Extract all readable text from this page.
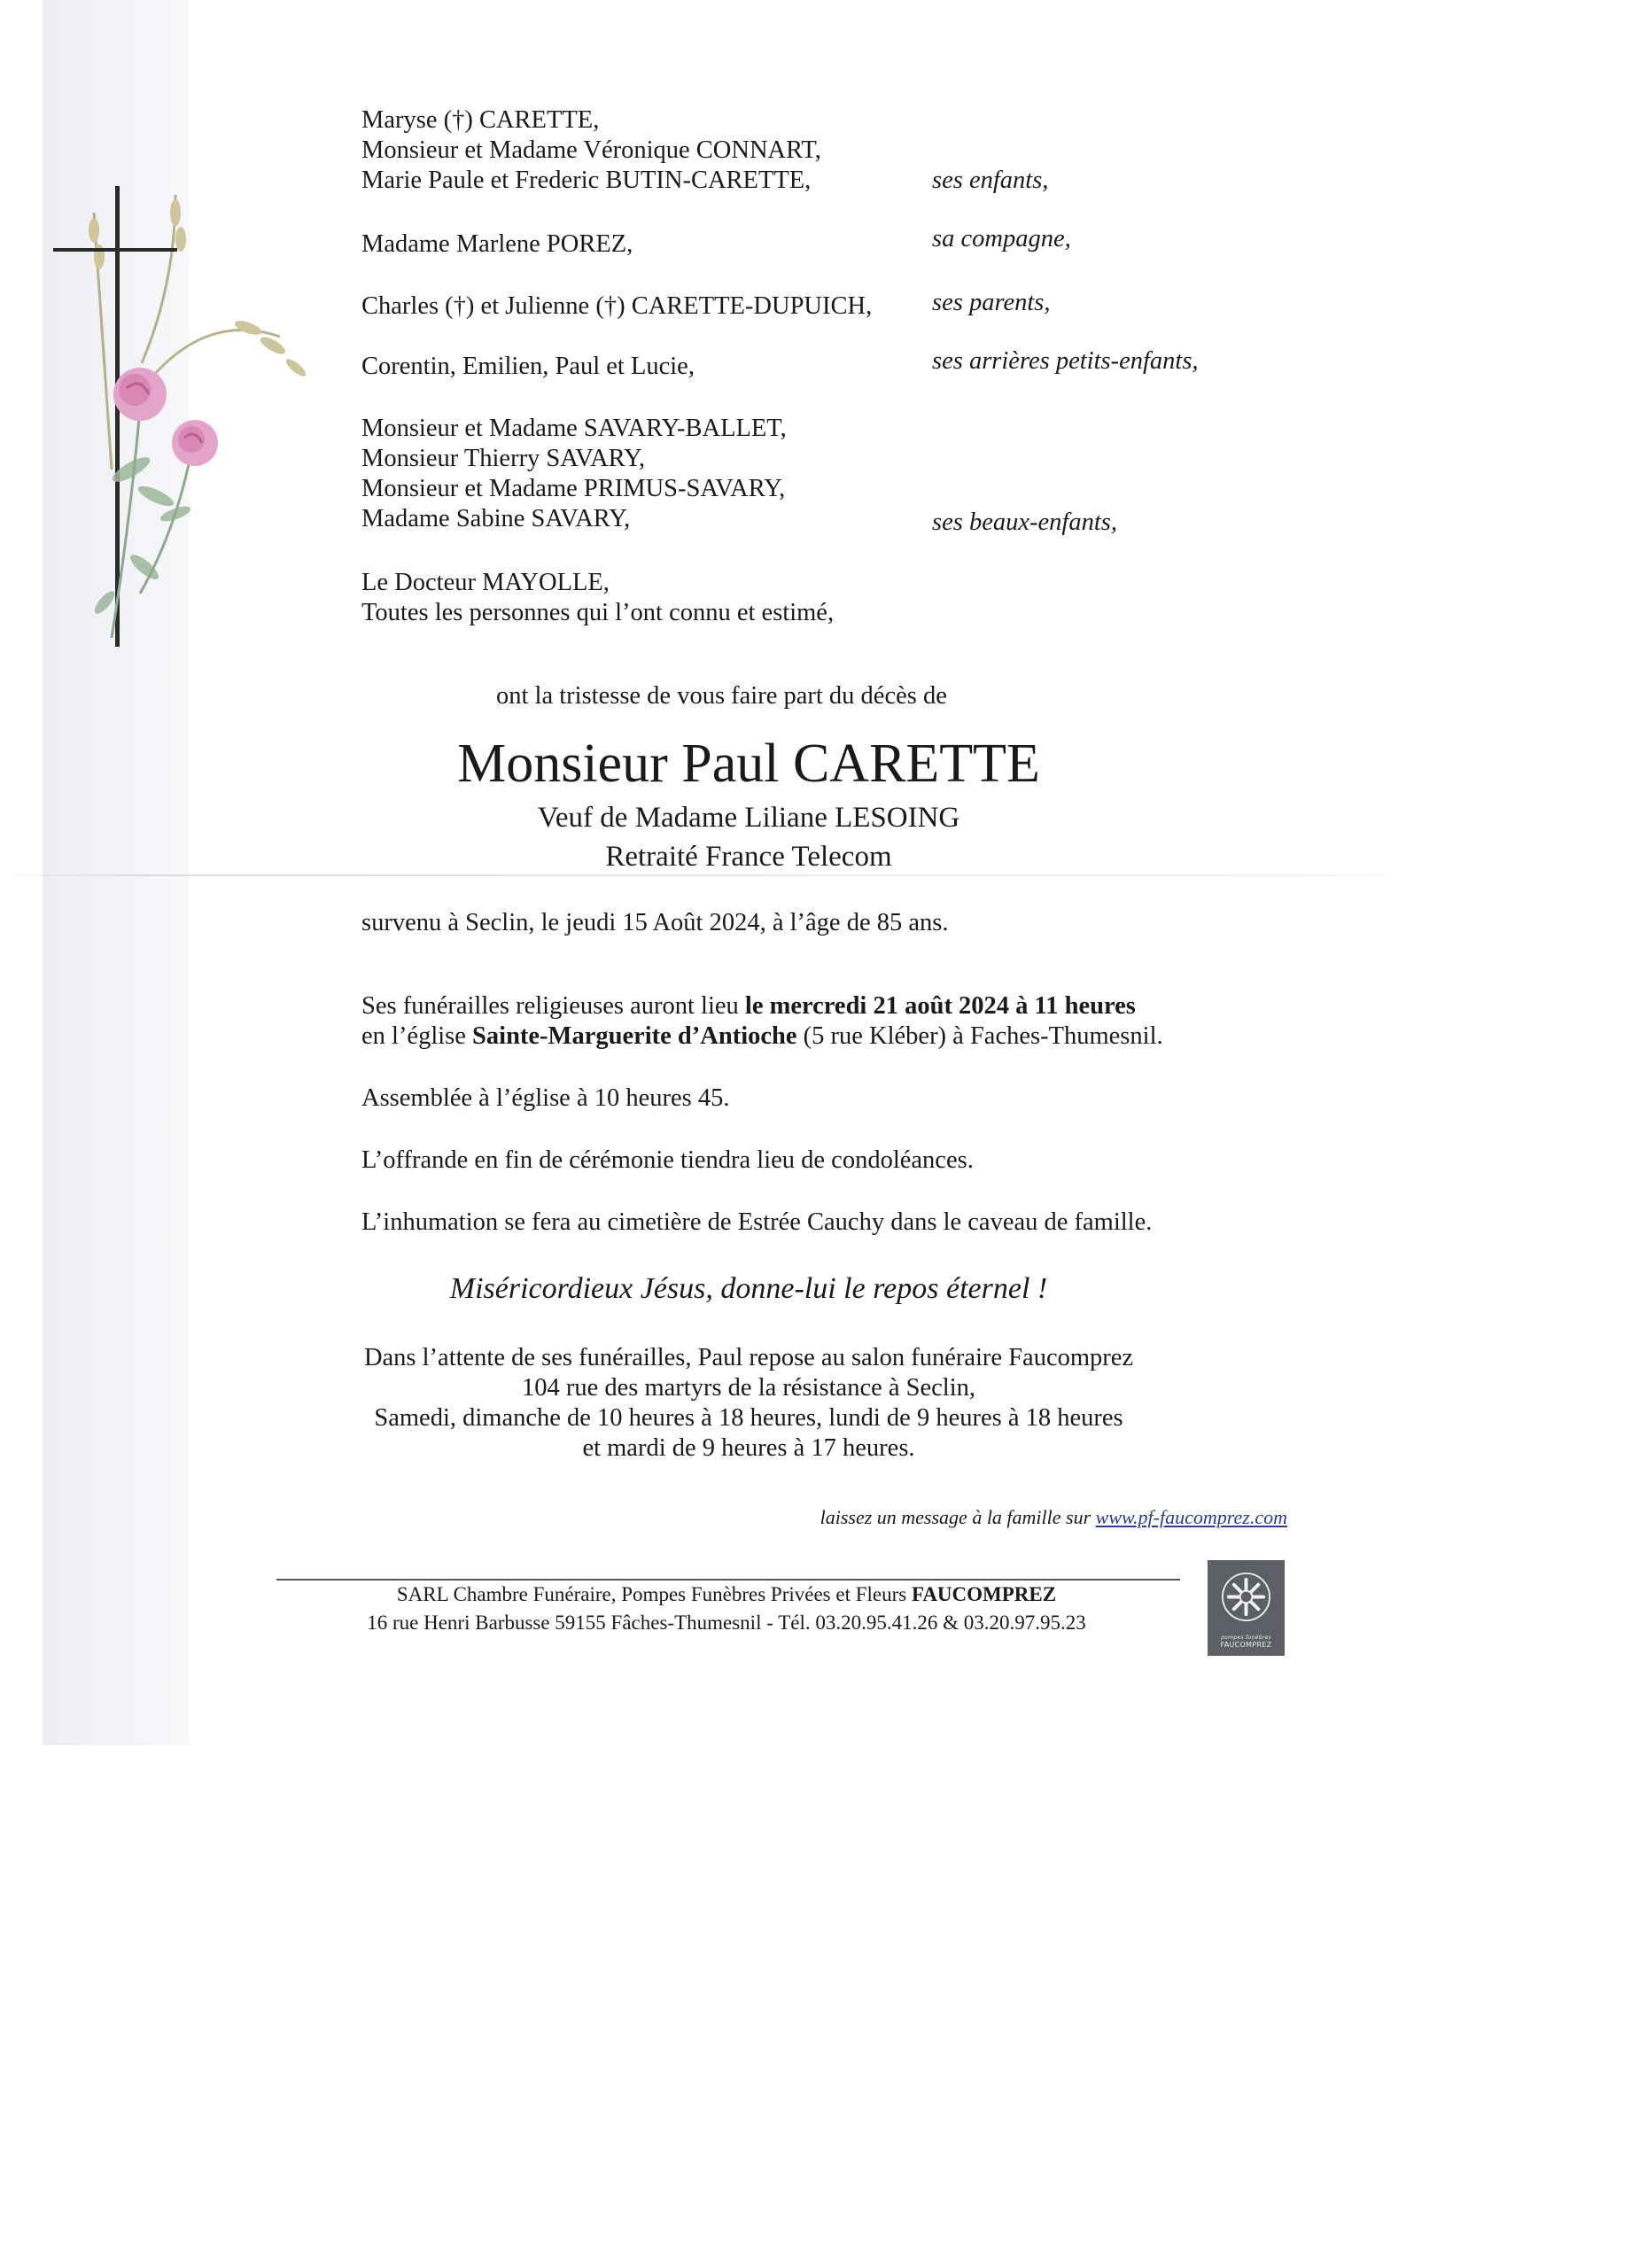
Maryse (†) CARETTE,
Monsieur et Madame Véronique CONNART,
Marie Paule et Frederic BUTIN-CARETTE,	ses enfants,
Madame Marlene POREZ,	sa compagne,
Charles (†) et Julienne (†) CARETTE-DUPUICH, ses parents,
Corentin, Emilien, Paul et Lucie,	ses arrières petits-enfants,
Monsieur et Madame SAVARY-BALLET,
Monsieur Thierry SAVARY,
Monsieur et Madame PRIMUS-SAVARY,
Madame Sabine SAVARY,	ses beaux-enfants,
Le Docteur MAYOLLE,
Toutes les personnes qui l’ont connu et estimé,
ont la tristesse de vous faire part du décès de
Monsieur Paul CARETTE
Veuf de Madame Liliane LESOING
Retraité France Telecom
survenu à Seclin, le jeudi 15 Août 2024, à l’âge de 85 ans.
Ses funérailles religieuses auront lieu le mercredi 21 août 2024 à 11 heures
en l’église Sainte-Marguerite d’Antioche (5 rue Kléber) à Faches-Thumesnil.
Assemblée à l’église à 10 heures 45.
L’offrande en fin de cérémonie tiendra lieu de condoléances.
L’inhumation se fera au cimetière de Estrée Cauchy dans le caveau de famille.
Miséricordieux Jésus, donne-lui le repos éternel !
Dans l’attente de ses funérailles, Paul repose au salon funéraire Faucomprez
104 rue des martyrs de la résistance à Seclin,
Samedi, dimanche de 10 heures à 18 heures, lundi de 9 heures à 18 heures
et mardi de 9 heures à 17 heures.
laissez un message à la famille sur www.pf-faucomprez.com
SARL Chambre Funéraire, Pompes Funèbres Privées et Fleurs FAUCOMPREZ
16 rue Henri Barbusse 59155 Fâches-Thumesnil - Tél. 03.20.95.41.26 & 03.20.97.95.23
pompes funèbres
FAUCOMPREZ
